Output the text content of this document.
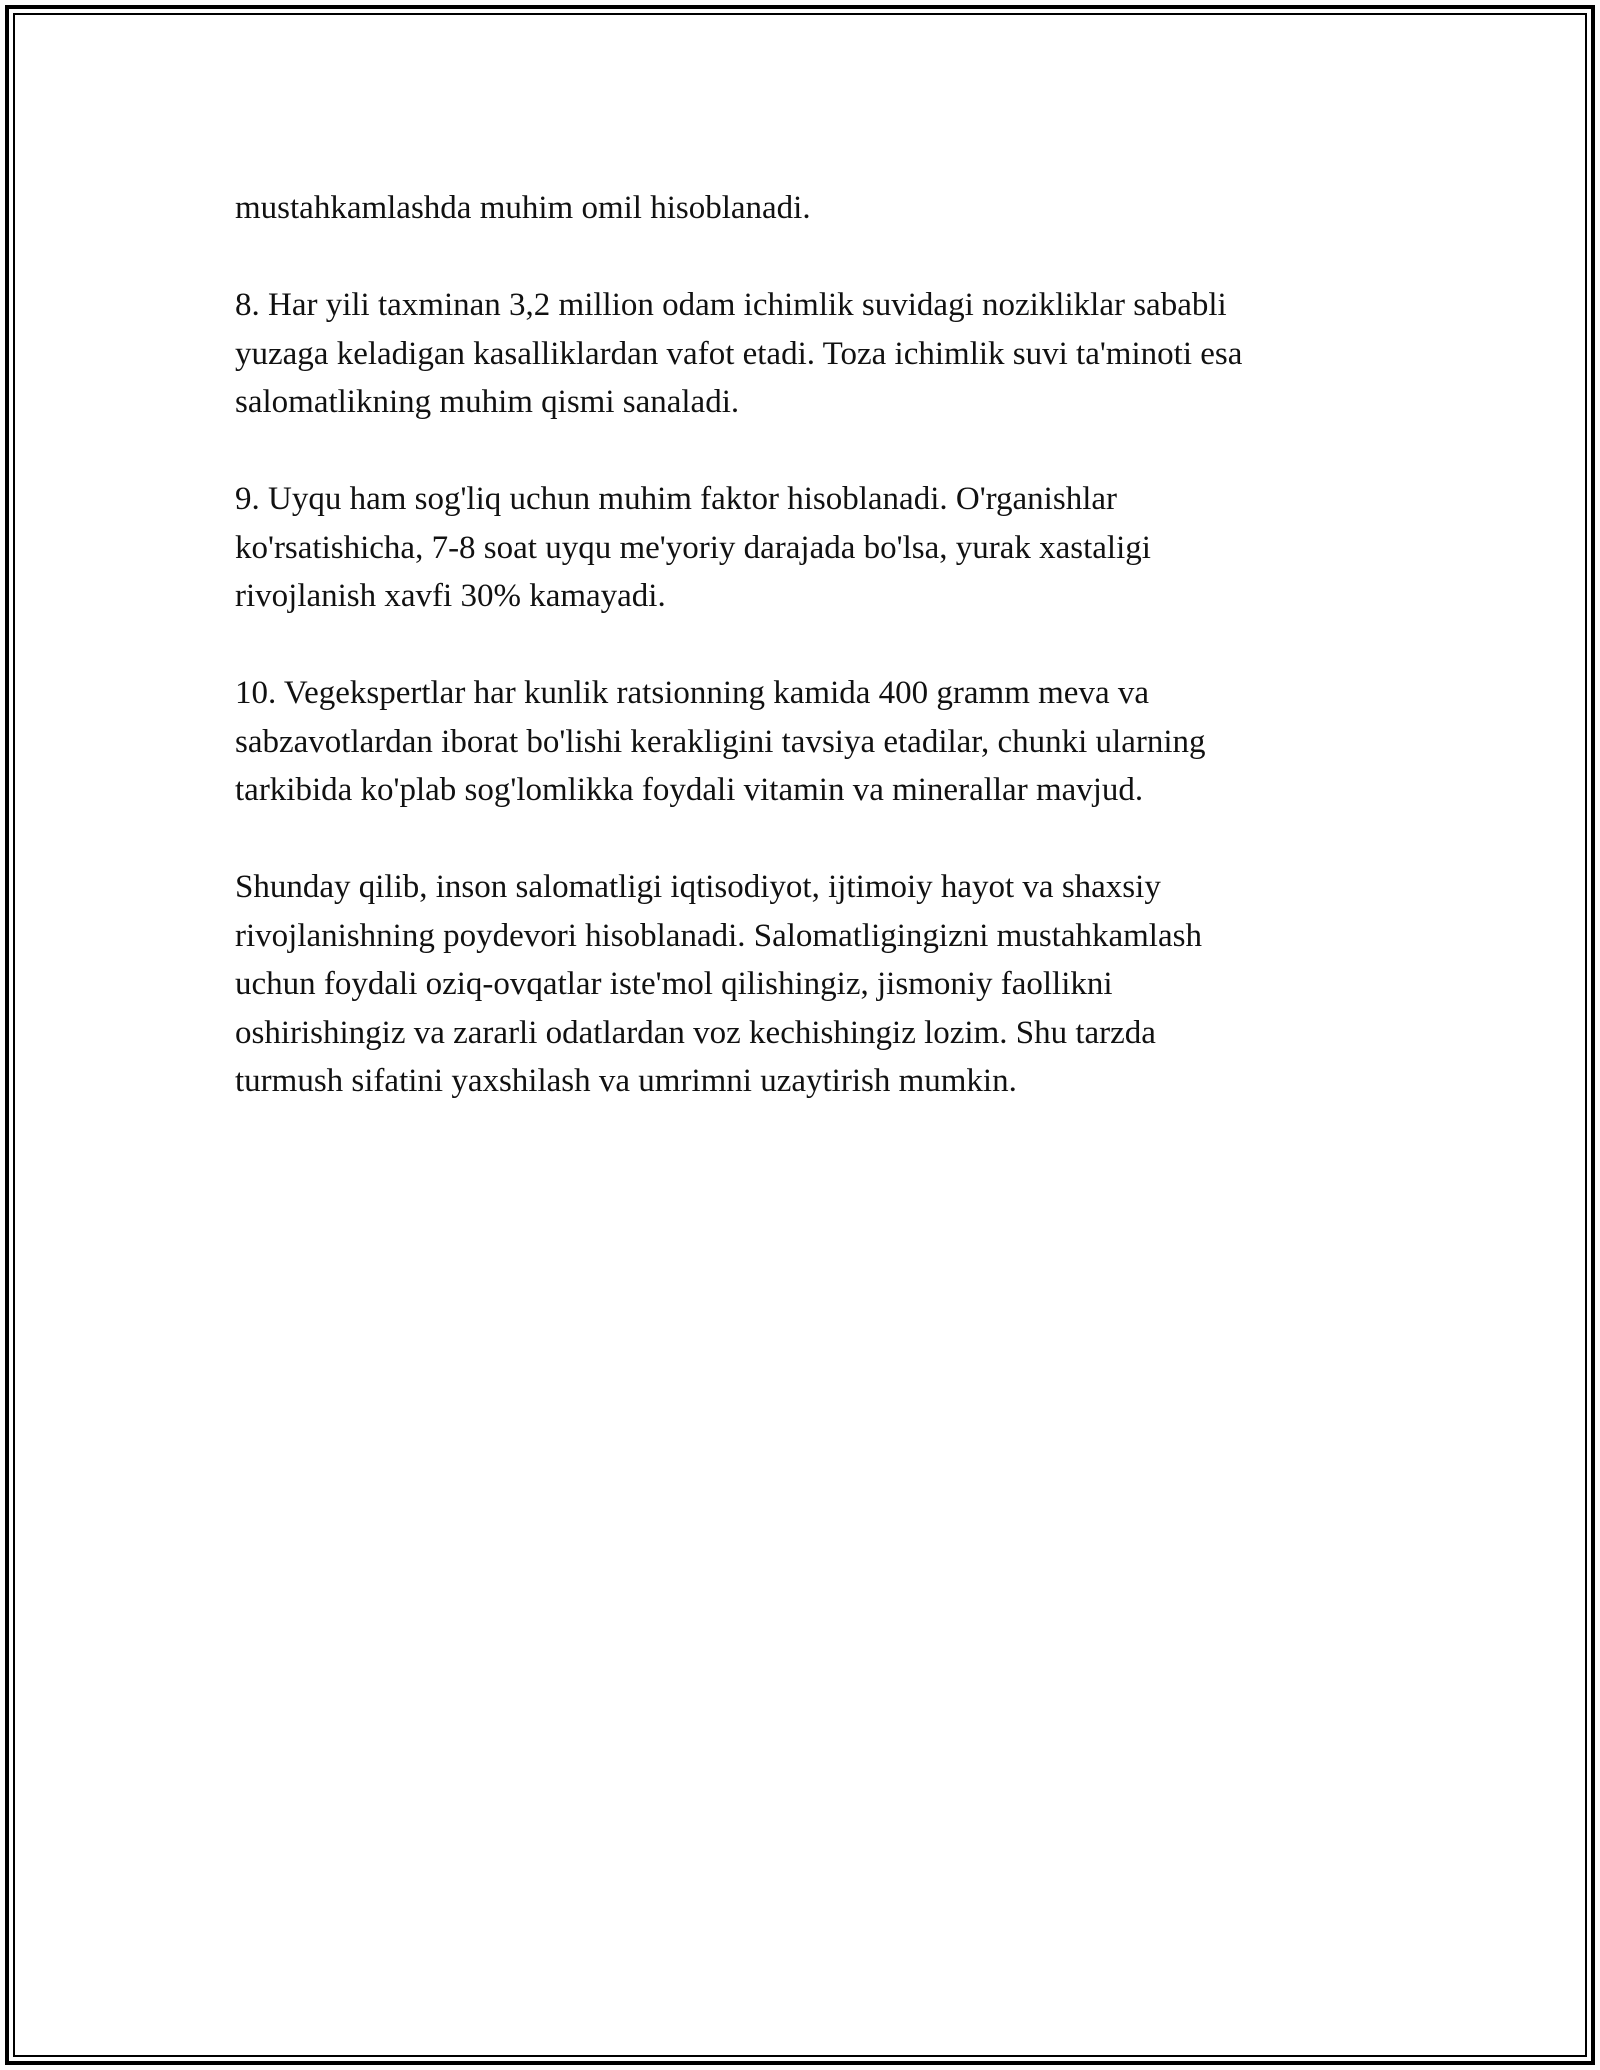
mustahkamlashda muhim omil hisoblanadi.

8. Har yili taxminan 3,2 million odam ichimlik suvidagi nozikliklar sababli
yuzaga keladigan kasalliklardan vafot etadi. Toza ichimlik suvi ta'minoti esa
salomatlikning muhim qismi sanaladi.

9. Uyqu ham sog'liq uchun muhim faktor hisoblanadi. O'rganishlar
ko'rsatishicha, 7-8 soat uyqu me'yoriy darajada bo'lsa, yurak xastaligi
rivojlanish xavfi 30% kamayadi.

10. Vegekspertlar har kunlik ratsionning kamida 400 gramm meva va
sabzavotlardan iborat bo'lishi kerakligini tavsiya etadilar, chunki ularning
tarkibida ko'plab sog'lomlikka foydali vitamin va minerallar mavjud.

Shunday qilib, inson salomatligi iqtisodiyot, ijtimoiy hayot va shaxsiy
rivojlanishning poydevori hisoblanadi. Salomatligingizni mustahkamlash
uchun foydali oziq-ovqatlar iste'mol qilishingiz, jismoniy faollikni
oshirishingiz va zararli odatlardan voz kechishingiz lozim. Shu tarzda
turmush sifatini yaxshilash va umrimni uzaytirish mumkin.
